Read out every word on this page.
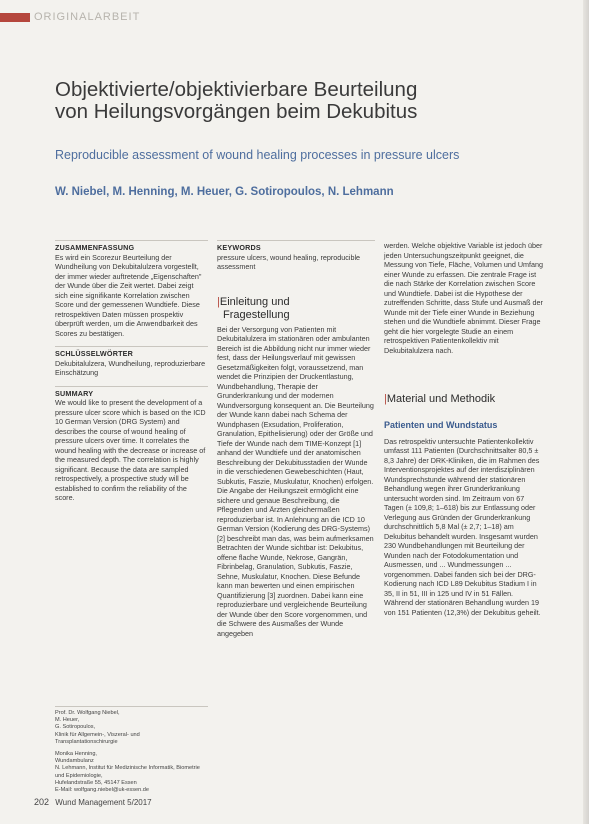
ORIGINALARBEIT
Objektivierte/objektivierbare Beurteilung
von Heilungsvorgängen beim Dekubitus
Reproducible assessment of wound healing processes in pressure ulcers
W. Niebel, M. Henning, M. Heuer, G. Sotiropoulos, N. Lehmann
ZUSAMMENFASSUNG

Es wird ein Scorezur Beurteilung der Wundheilung von Dekubitalulzera vorgestellt, der immer wieder auftretende „Eigenschaften" der Wunde über die Zeit wertet. Dabei zeigt sich eine signifikante Korrelation zwischen Score und der gemessenen Wundtiefe. Diese retrospektiven Daten müssen prospektiv überprüft werden, um die Anwendbarkeit des Scores zu bestätigen.

SCHLÜSSELWÖRTER

Dekubitalulzera, Wundheilung, reproduzierbare Einschätzung

SUMMARY

We would like to present the development of a pressure ulcer score which is based on the ICD 10 German Version (DRG System) and describes the course of wound healing of pressure ulcers over time. It correlates the wound healing with the decrease or increase of the measured depth. The correlation is highly significant. Because the data are sampled retrospectively, a prospective study will be established to confirm the reliability of the score.

Prof. Dr. Wolfgang Niebel,
M. Heuer,
G. Sotiropoulos,
Klinik für Allgemein-, Viszeral- und
Transplantationschirurgie
Monika Henning,
Wundambulanz
N. Lehmann, Institut für Medizinische Informatik, Biometrie und Epidemiologie,
Hufelandstraße 55, 45147 Essen
E-Mail: wolfgang.niebel@uk-essen.de
KEYWORDS

pressure ulcers, wound healing, reproducible assessment

|Einleitung und
Fragestellung

Bei der Versorgung von Patienten mit Dekubitalulzera im stationären oder ambulanten Bereich ist die Abbildung nicht nur immer wieder fest, dass der Heilungsverlauf mit gewissen Gesetzmäßigkeiten folgt, voraussetzend, man wendet die Prinzipien der Druckentlastung, Wundbehandlung, Therapie der Grunderkrankung und der modernen Wundversorgung konsequent an. Die Beurteilung der Wunde kann dabei nach Schema der Wundphasen (Exsudation, Proliferation, Granulation, Epithelisierung) oder der Größe und Tiefe der Wunde nach dem TIME-Konzept [1] anhand der Wundtiefe und der anatomischen Beschreibung der Dekubitusstadien der Wunde in die verschiedenen Gewebeschichten (Haut, Subkutis, Faszie, Muskulatur, Knochen) erfolgen. Die Angabe der Heilungszeit ermöglicht eine sichere und genaue Beschreibung, die Pflegenden und Ärzten gleichermaßen reproduzierbar ist. In Anlehnung an die ICD 10 German Version (Kodierung des DRG-Systems) [2] beschreibt man das, was beim aufmerksamen Betrachten der Wunde sichtbar ist: Dekubitus, offene flache Wunde, Nekrose, Gangrän, Fibrinbelag, Granulation, Subkutis, Faszie, Sehne, Muskulatur, Knochen. Diese Befunde kann man bewerten und einen empirischen Quantifizierung [3] zuordnen. Dabei kann eine reproduzierbare und vergleichende Beurteilung der Wunde über den Score vorgenommen, und die Schwere des Ausmaßes der Wunde angegeben

werden. Welche objektive Variable ist jedoch über jeden Untersuchungszeitpunkt geeignet, die Messung von Tiefe, Fläche, Volumen und Umfang einer Wunde zu erfassen. Die zentrale Frage ist die nach Stärke der Korrelation zwischen Score und Wundtiefe. Dabei ist die Hypothese der zutreffenden Schritte, dass Stufe und Ausmaß der Wunde mit der Tiefe einer Wunde in Beziehung stehen und die Wundtiefe abnimmt. Dieser Frage geht die hier vorgelegte Studie an einem retrospektiven Patientenkollektiv mit Dekubitalulzera nach.

|Material und Methodik
Patienten und Wundstatus

Das retrospektiv untersuchte Patientenkollektiv umfasst 111 Patienten (Durchschnittsalter 80,5 ± 8,3 Jahre) der DRK-Kliniken, die im Rahmen des Interventionsprojektes auf der interdisziplinären Wundsprechstunde während der stationären Behandlung wegen ihrer Grunderkrankung untersucht worden sind. Im Zeitraum von 67 Tagen (± 109,8; 1–618) bis zur Entlassung oder Verlegung aus Gründen der Grunderkrankung durchschnittlich 5,8 Mal (± 2,7; 1–18) am Dekubitus behandelt wurden. Insgesamt wurden 230 Wundbehandlungen mit Beurteilung der Wunden nach der Fotodokumentation und Ausmessen, und ... Wundmessungen ... vorgenommen. Dabei fanden sich bei der DRG-Kodierung nach ICD L89 Dekubitus Stadium I in 35, II in 51, III in 125 und IV in 51 Fällen. Während der stationären Behandlung wurden 19 von 151 Patienten (12,3%) der Dekubitus geheilt.

202 Wund Management 5/2017
